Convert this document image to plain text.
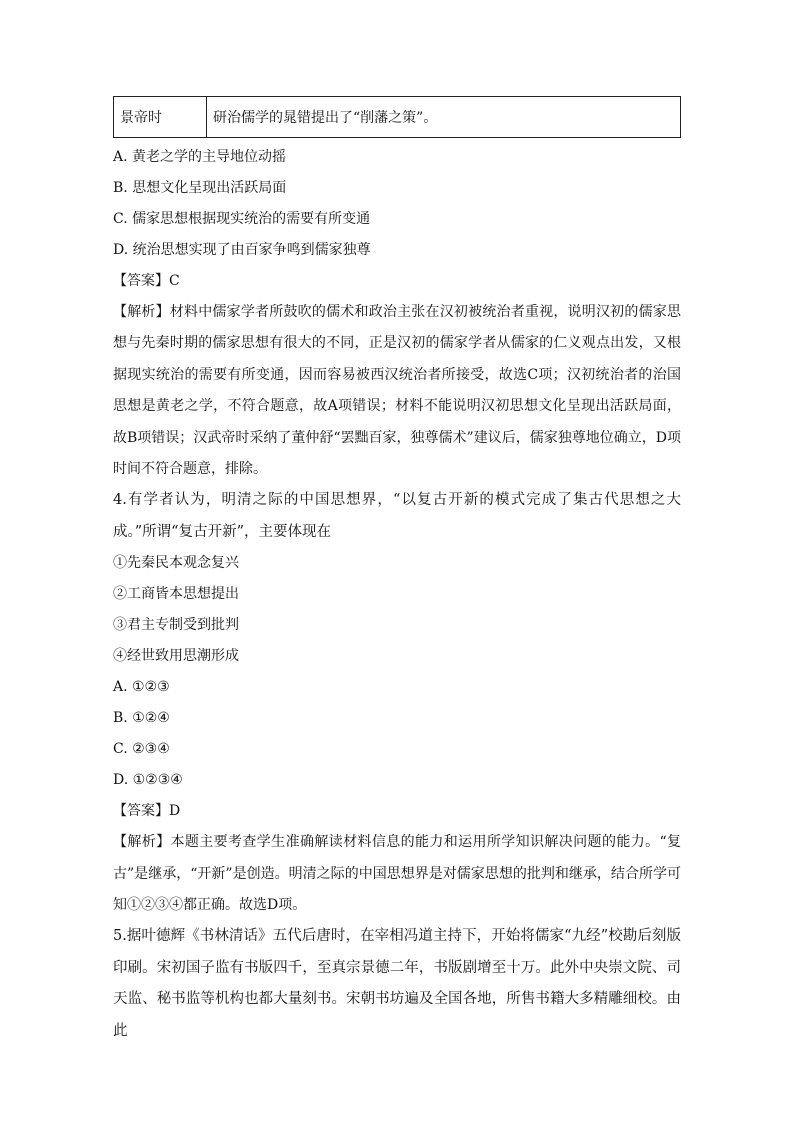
景帝时	研治儒学的晁错提出了“削藩之策”。
A. 黄老之学的主导地位动摇
B. 思想文化呈现出活跃局面
C. 儒家思想根据现实统治的需要有所变通
D. 统治思想实现了由百家争鸣到儒家独尊
【答案】C
【解析】材料中儒家学者所鼓吹的儒术和政治主张在汉初被统治者重视，说明汉初的儒家思想与先秦时期的儒家思想有很大的不同，正是汉初的儒家学者从儒家的仁义观点出发，又根据现实统治的需要有所变通，因而容易被西汉统治者所接受，故选C项；汉初统治者的治国思想是黄老之学，不符合题意，故A项错误；材料不能说明汉初思想文化呈现出活跃局面，故B项错误；汉武帝时采纳了董仲舒“罢黜百家，独尊儒术”建议后，儒家独尊地位确立，D项时间不符合题意，排除。
4.有学者认为，明清之际的中国思想界，“以复古开新的模式完成了集古代思想之大成。”所谓“复古开新”，主要体现在
①先秦民本观念复兴
②工商皆本思想提出
③君主专制受到批判
④经世致用思潮形成
A. ①②③
B. ①②④
C. ②③④
D. ①②③④
【答案】D
【解析】本题主要考查学生准确解读材料信息的能力和运用所学知识解决问题的能力。“复古”是继承，“开新”是创造。明清之际的中国思想界是对儒家思想的批判和继承，结合所学可知①②③④都正确。故选D项。
5.据叶德辉《书林清话》五代后唐时，在宰相冯道主持下，开始将儒家“九经”校勘后刻版印刷。宋初国子监有书版四千，至真宗景德二年，书版剧增至十万。此外中央崇文院、司天监、秘书监等机构也都大量刻书。宋朝书坊遍及全国各地，所售书籍大多精雕细校。由此
